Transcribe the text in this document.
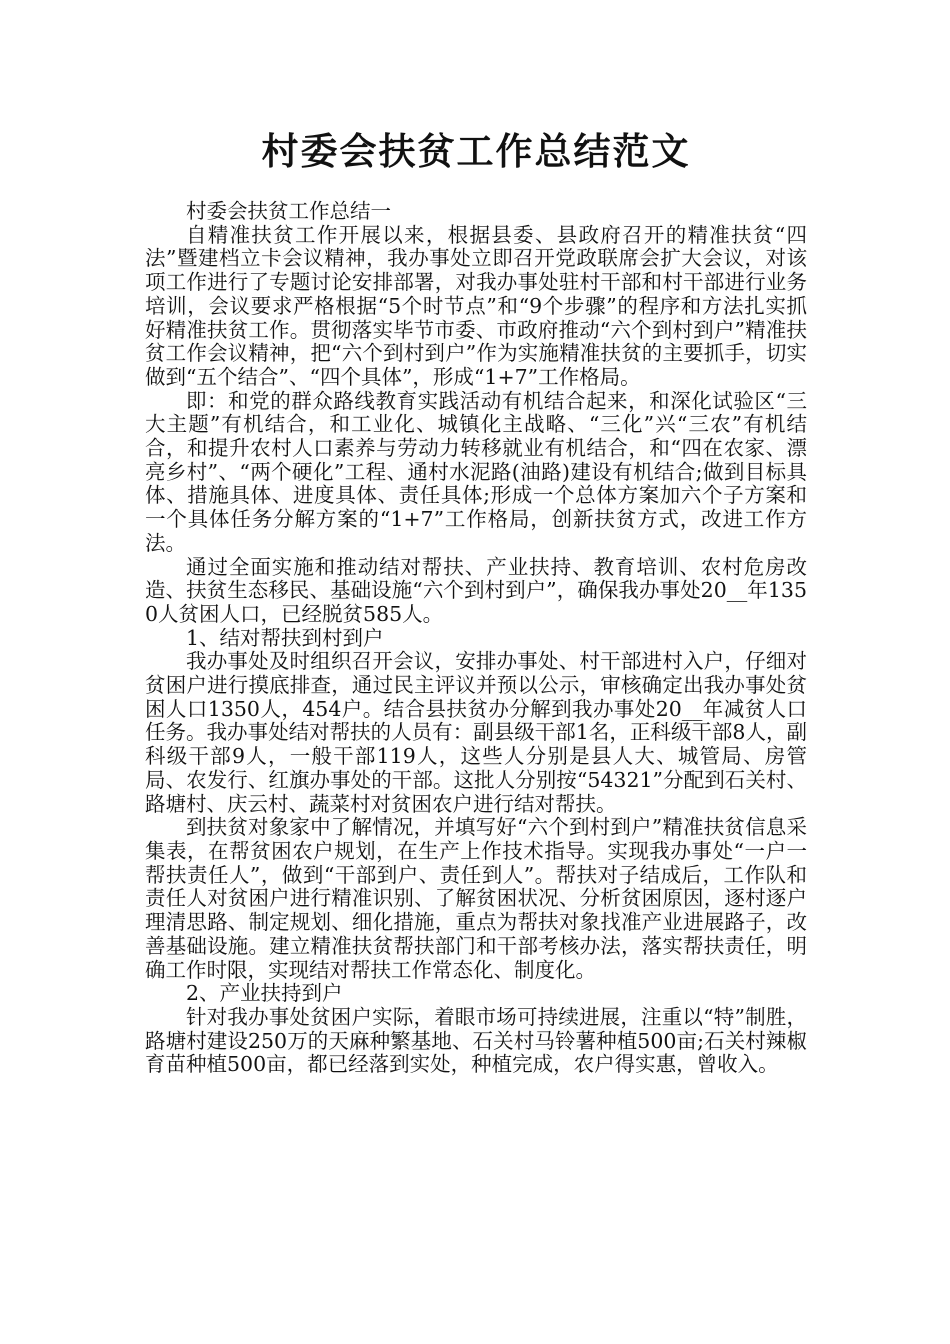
村委会扶贫工作总结范文

村委会扶贫工作总结一

自精准扶贫工作开展以来，根据县委、县政府召开的精准扶贫“四法”暨建档立卡会议精神，我办事处立即召开党政联席会扩大会议，对该项工作进行了专题讨论安排部署，对我办事处驻村干部和村干部进行业务培训，会议要求严格根据“5个时节点”和“9个步骤”的程序和方法扎实抓好精准扶贫工作。贯彻落实毕节市委、市政府推动“六个到村到户”精准扶贫工作会议精神，把“六个到村到户”作为实施精准扶贫的主要抓手，切实做到“五个结合”、“四个具体”，形成“1+7”工作格局。

即：和党的群众路线教育实践活动有机结合起来，和深化试验区“三大主题”有机结合，和工业化、城镇化主战略、“三化”兴“三农”有机结合，和提升农村人口素养与劳动力转移就业有机结合，和“四在农家、漂亮乡村”、“两个硬化”工程、通村水泥路(油路)建设有机结合;做到目标具体、措施具体、进度具体、责任具体;形成一个总体方案加六个子方案和一个具体任务分解方案的“1+7”工作格局，创新扶贫方式，改进工作方法。

通过全面实施和推动结对帮扶、产业扶持、教育培训、农村危房改造、扶贫生态移民、基础设施“六个到村到户”，确保我办事处20__年1350人贫困人口，已经脱贫585人。

1、结对帮扶到村到户

我办事处及时组织召开会议，安排办事处、村干部进村入户，仔细对贫困户进行摸底排查，通过民主评议并预以公示，审核确定出我办事处贫困人口1350人，454户。结合县扶贫办分解到我办事处20__年减贫人口任务。我办事处结对帮扶的人员有：副县级干部1名，正科级干部8人，副科级干部9人，一般干部119人，这些人分别是县人大、城管局、房管局、农发行、红旗办事处的干部。这批人分别按“54321”分配到石关村、路塘村、庆云村、蔬菜村对贫困农户进行结对帮扶。

到扶贫对象家中了解情况，并填写好“六个到村到户”精准扶贫信息采集表，在帮贫困农户规划，在生产上作技术指导。实现我办事处“一户一帮扶责任人”，做到“干部到户、责任到人”。帮扶对子结成后，工作队和责任人对贫困户进行精准识别、了解贫困状况、分析贫困原因，逐村逐户理清思路、制定规划、细化措施，重点为帮扶对象找准产业进展路子，改善基础设施。建立精准扶贫帮扶部门和干部考核办法，落实帮扶责任，明确工作时限，实现结对帮扶工作常态化、制度化。

2、产业扶持到户

针对我办事处贫困户实际，着眼市场可持续进展，注重以“特”制胜，路塘村建设250万的天麻种繁基地、石关村马铃薯种植500亩;石关村辣椒育苗种植500亩，都已经落到实处，种植完成，农户得实惠，曾收入。
